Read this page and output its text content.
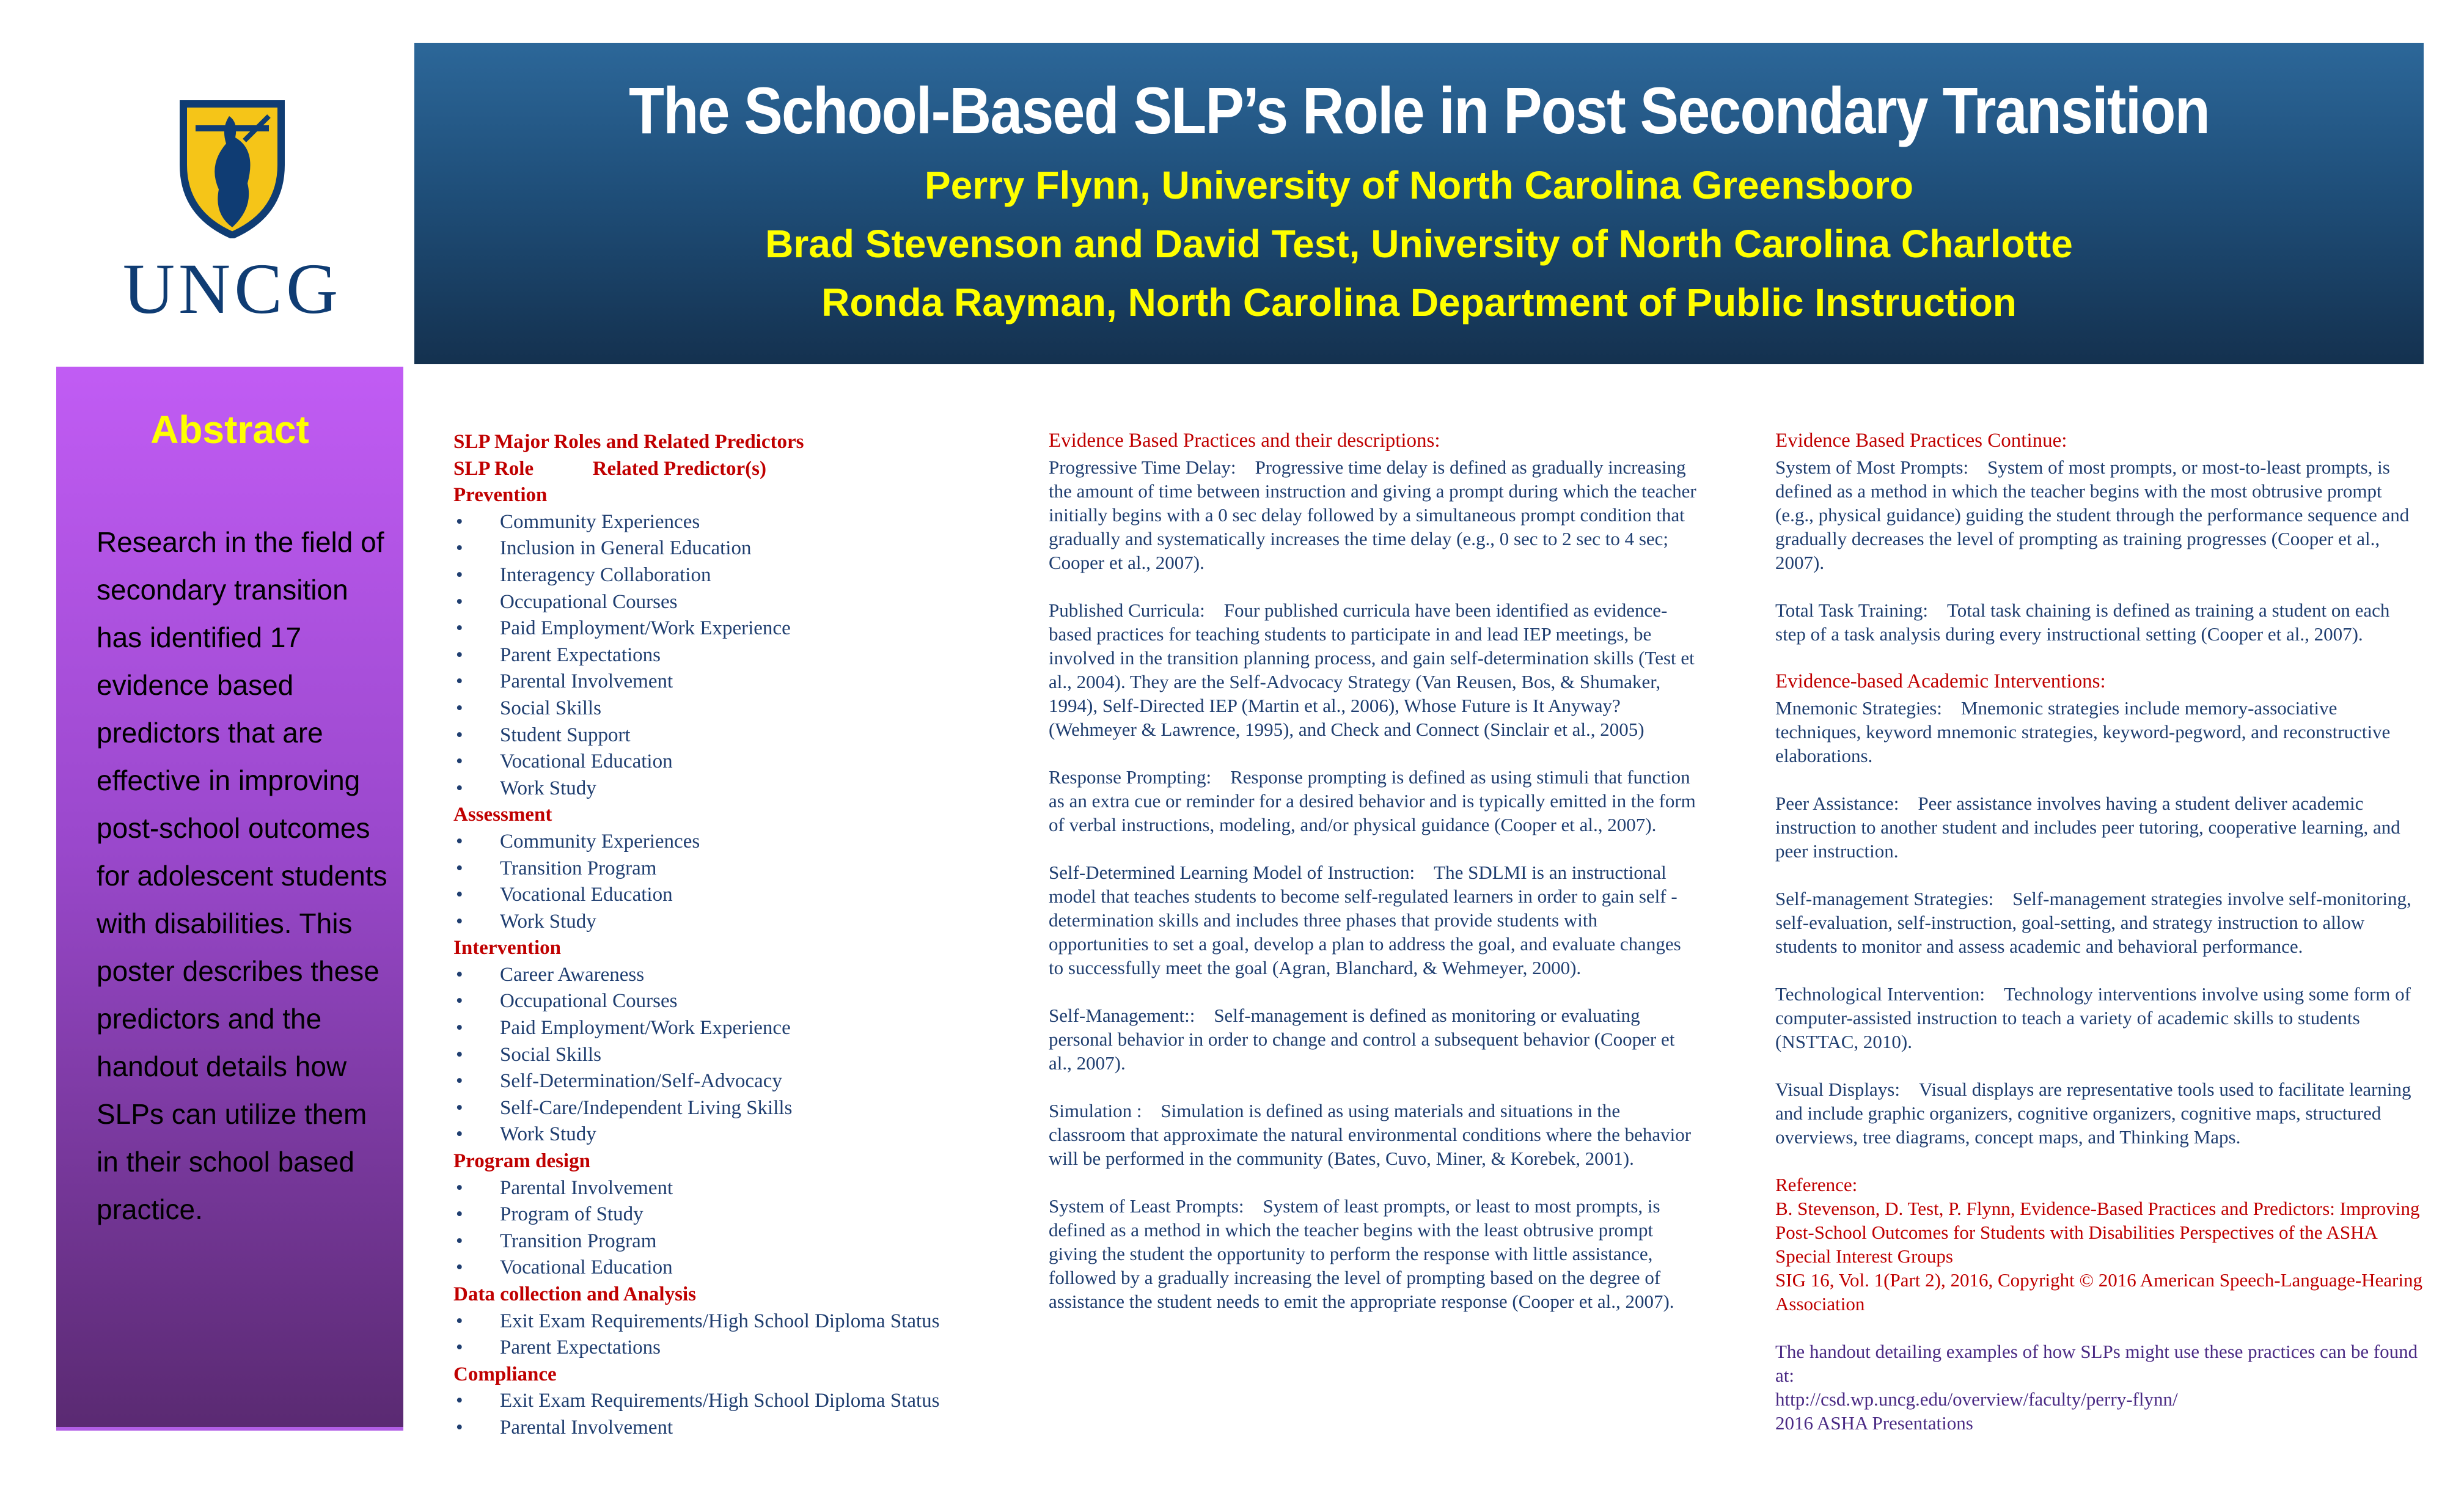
UNCG
The School-Based SLP’s Role in Post Secondary Transition
Perry Flynn, University of North Carolina Greensboro
Brad Stevenson and David Test, University of North Carolina Charlotte
Ronda Rayman, North Carolina Department of Public Instruction
Abstract
Research in the field of secondary transition has identified 17 evidence based predictors that are effective in improving post-school outcomes for adolescent students with disabilities. This poster describes these predictors and the handout details how SLPs can utilize them in their school based practice.
SLP Major Roles and Related Predictors
SLP Role	Related Predictor(s)
Prevention
•	Community Experiences
•	Inclusion in General Education
•	Interagency Collaboration
•	Occupational Courses
•	Paid Employment/Work Experience
•	Parent Expectations
•	Parental Involvement
•	Social Skills
•	Student Support
•	Vocational Education
•	Work Study
Assessment
•	Community Experiences
•	Transition Program
•	Vocational Education
•	Work Study
Intervention
•	Career Awareness
•	Occupational Courses
•	Paid Employment/Work Experience
•	Social Skills
•	Self-Determination/Self-Advocacy
•	Self-Care/Independent Living Skills
•	Work Study
Program design
•	Parental Involvement
•	Program of Study
•	Transition Program
•	Vocational Education
Data collection and Analysis
•	Exit Exam Requirements/High School Diploma Status
•	Parent Expectations
Compliance
•	Exit Exam Requirements/High School Diploma Status
•	Parental Involvement
Evidence Based Practices and their descriptions:
Progressive Time Delay: Progressive time delay is defined as gradually increasing the amount of time between instruction and giving a prompt during which the teacher initially begins with a 0 sec delay followed by a simultaneous prompt condition that gradually and systematically increases the time delay (e.g., 0 sec to 2 sec to 4 sec; Cooper et al., 2007).
Published Curricula: Four published curricula have been identified as evidence-based practices for teaching students to participate in and lead IEP meetings, be involved in the transition planning process, and gain self-determination skills (Test et al., 2004). They are the Self-Advocacy Strategy (Van Reusen, Bos, & Shumaker, 1994), Self-Directed IEP (Martin et al., 2006), Whose Future is It Anyway? (Wehmeyer & Lawrence, 1995), and Check and Connect (Sinclair et al., 2005)
Response Prompting: Response prompting is defined as using stimuli that function as an extra cue or reminder for a desired behavior and is typically emitted in the form of verbal instructions, modeling, and/or physical guidance (Cooper et al., 2007).
Self-Determined Learning Model of Instruction: The SDLMI is an instructional model that teaches students to become self-regulated learners in order to gain self -determination skills and includes three phases that provide students with opportunities to set a goal, develop a plan to address the goal, and evaluate changes to successfully meet the goal (Agran, Blanchard, & Wehmeyer, 2000).
Self-Management:: Self-management is defined as monitoring or evaluating personal behavior in order to change and control a subsequent behavior (Cooper et al., 2007).
Simulation : Simulation is defined as using materials and situations in the classroom that approximate the natural environmental conditions where the behavior will be performed in the community (Bates, Cuvo, Miner, & Korebek, 2001).
System of Least Prompts: System of least prompts, or least to most prompts, is defined as a method in which the teacher begins with the least obtrusive prompt giving the student the opportunity to perform the response with little assistance, followed by a gradually increasing the level of prompting based on the degree of assistance the student needs to emit the appropriate response (Cooper et al., 2007).
Evidence Based Practices Continue:
System of Most Prompts: System of most prompts, or most-to-least prompts, is defined as a method in which the teacher begins with the most obtrusive prompt (e.g., physical guidance) guiding the student through the performance sequence and gradually decreases the level of prompting as training progresses (Cooper et al., 2007).
Total Task Training: Total task chaining is defined as training a student on each step of a task analysis during every instructional setting (Cooper et al., 2007).
Evidence-based Academic Interventions:
Mnemonic Strategies: Mnemonic strategies include memory-associative techniques, keyword mnemonic strategies, keyword-pegword, and reconstructive elaborations.
Peer Assistance: Peer assistance involves having a student deliver academic instruction to another student and includes peer tutoring, cooperative learning, and peer instruction.
Self-management Strategies: Self-management strategies involve self-monitoring, self-evaluation, self-instruction, goal-setting, and strategy instruction to allow students to monitor and assess academic and behavioral performance.
Technological Intervention: Technology interventions involve using some form of computer-assisted instruction to teach a variety of academic skills to students (NSTTAC, 2010).
Visual Displays: Visual displays are representative tools used to facilitate learning and include graphic organizers, cognitive organizers, cognitive maps, structured overviews, tree diagrams, concept maps, and Thinking Maps.
Reference:
B. Stevenson, D. Test, P. Flynn, Evidence-Based Practices and Predictors: Improving Post-School Outcomes for Students with Disabilities Perspectives of the ASHA Special Interest Groups
SIG 16, Vol. 1(Part 2), 2016, Copyright © 2016 American Speech-Language-Hearing Association
The handout detailing examples of how SLPs might use these practices can be found at:
http://csd.wp.uncg.edu/overview/faculty/perry-flynn/
2016 ASHA Presentations
